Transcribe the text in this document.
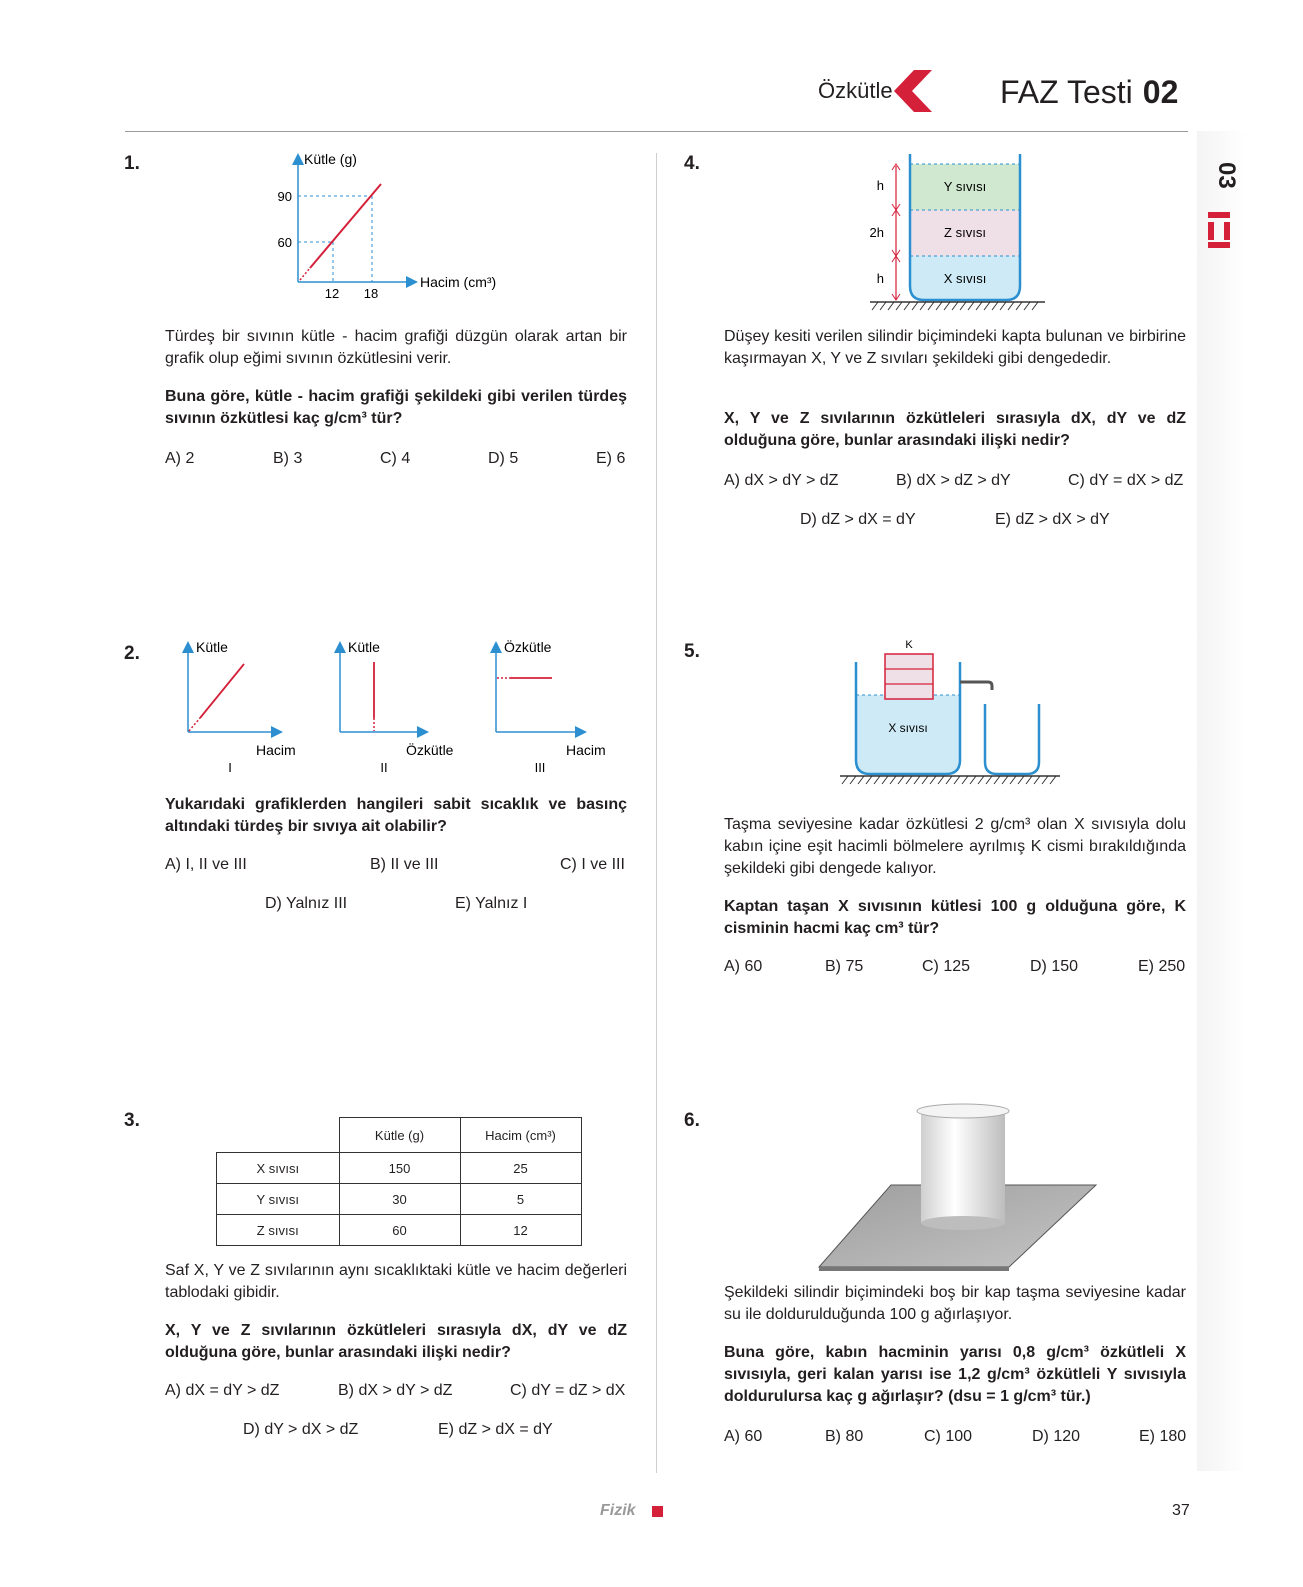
Özkütle	FAZ Testi 02
03
1.	Kütle (g)
Hacim (cm³)
60
90
12 18
Türdeş bir sıvının kütle - hacim grafiği düzgün olarak artan bir grafik olup eğimi sıvının özkütlesini verir.
Buna göre, kütle - hacim grafiği şekildeki gibi verilen türdeş sıvının özkütlesi kaç g/cm³ tür?
A) 2	B) 3	C) 4	D) 5	E) 6
2.	Kütle
Hacim
I
Kütle
Özkütle
II
Özkütle
Hacim
III
Yukarıdaki grafiklerden hangileri sabit sıcaklık ve basınç altındaki türdeş bir sıvıya ait olabilir?
A) I, II ve III	B) II ve III	C) I ve III
D) Yalnız III	E) Yalnız I
3.
	Kütle (g)	Hacim (cm³)
X sıvısı	150	25
Y sıvısı	30	5
Z sıvısı	60	12
Saf X, Y ve Z sıvılarının aynı sıcaklıktaki kütle ve hacim değerleri tablodaki gibidir.
X, Y ve Z sıvılarının özkütleleri sırasıyla dX, dY ve dZ olduğuna göre, bunlar arasındaki ilişki nedir?
A) dX = dY > dZ	B) dX > dY > dZ	C) dY = dZ > dX
D) dY > dX > dZ	E) dZ > dX = dY
4.
h
2h
h
Y sıvısı
Z sıvısı
X sıvısı
Düşey kesiti verilen silindir biçimindeki kapta bulunan ve birbirine kaşırmayan X, Y ve Z sıvıları şekildeki gibi dengededir.
X, Y ve Z sıvılarının özkütleleri sırasıyla dX, dY ve dZ olduğuna göre, bunlar arasındaki ilişki nedir?
A) dX > dY > dZ	B) dX > dZ > dY	C) dY = dX > dZ
D) dZ > dX = dY	E) dZ > dX > dY
5.	K
X sıvısı
Taşma seviyesine kadar özkütlesi 2 g/cm³ olan X sıvısıyla dolu kabın içine eşit hacimli bölmelere ayrılmış K cismi bırakıldığında şekildeki gibi dengede kalıyor.
Kaptan taşan X sıvısının kütlesi 100 g olduğuna göre, K cisminin hacmi kaç cm³ tür?
A) 60	B) 75	C) 125	D) 150	E) 250
6.
Şekildeki silindir biçimindeki boş bir kap taşma seviyesine kadar su ile doldurulduğunda 100 g ağırlaşıyor.
Buna göre, kabın hacminin yarısı 0,8 g/cm³ özkütleli X sıvısıyla, geri kalan yarısı ise 1,2 g/cm³ özkütleli Y sıvısıyla doldurulursa kaç g ağırlaşır? (dsu = 1 g/cm³ tür.)
A) 60	B) 80	C) 100	D) 120	E) 180
Fizik	37
